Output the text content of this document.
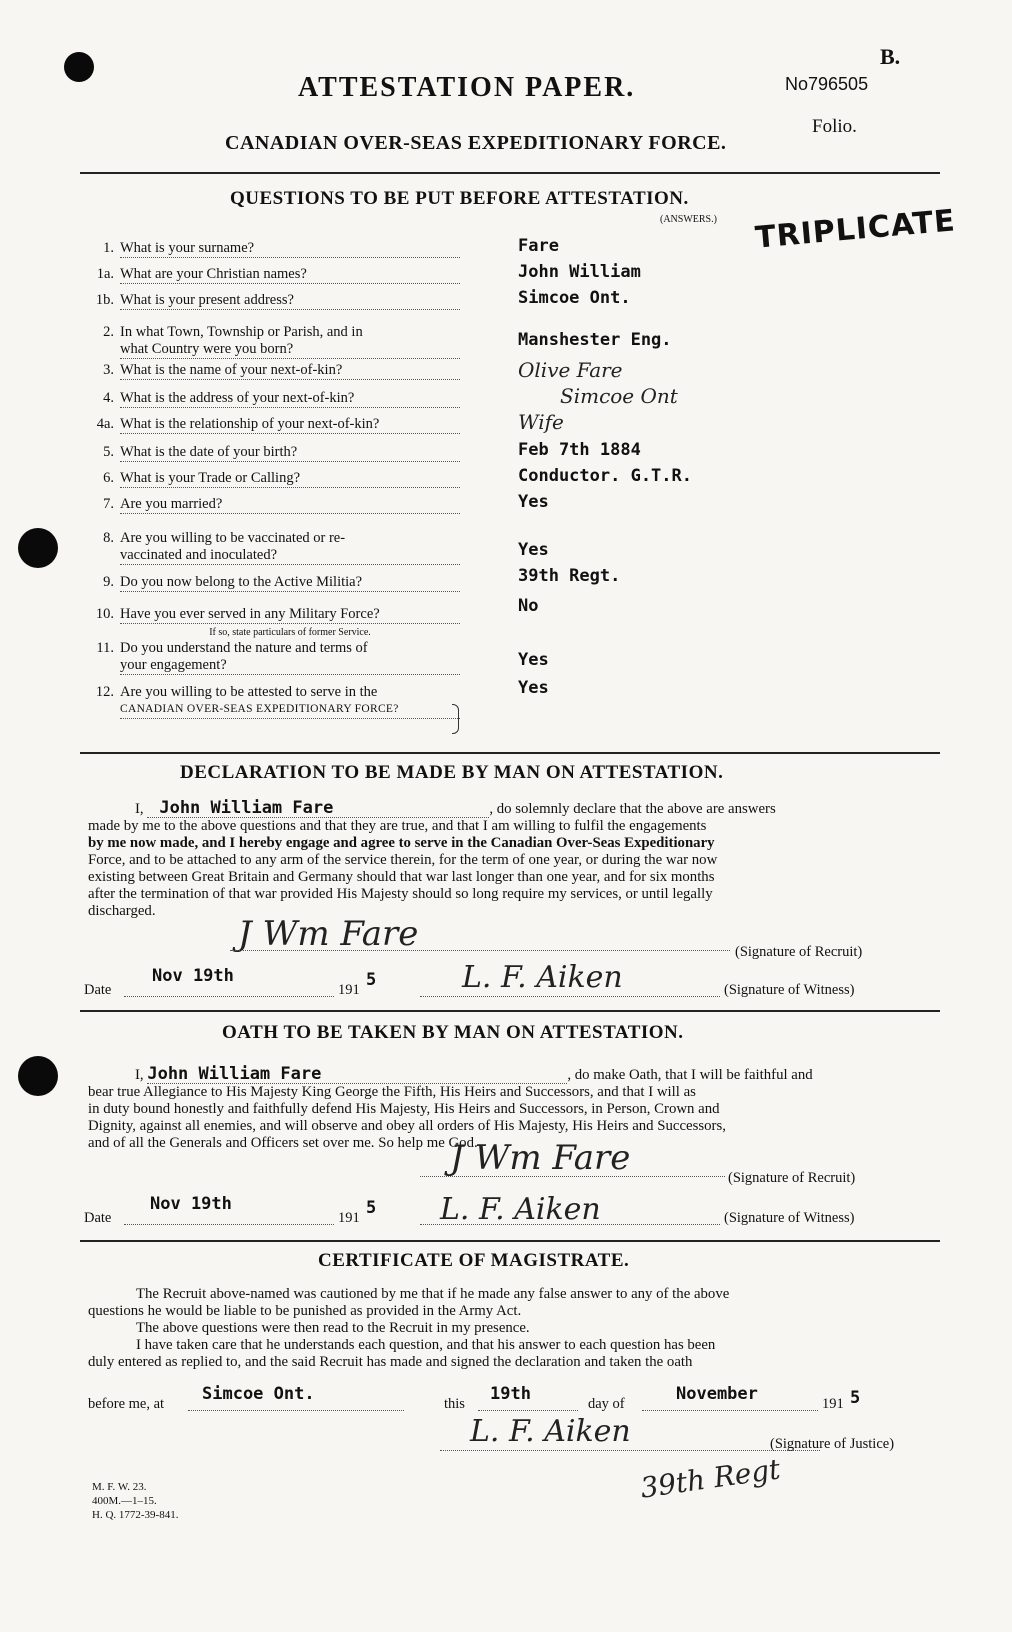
B.
ATTESTATION PAPER.	No796505
Folio.
CANADIAN OVER-SEAS EXPEDITIONARY FORCE.
QUESTIONS TO BE PUT BEFORE ATTESTATION.
(ANSWERS.) TRIPLICATE
1. What is your surname?	Fare
1a. What are your Christian names?	John William
1b. What is your present address?	Simcoe Ont.
2. In what Town, Township or Parish, and in
what Country were you born?	Manshester Eng.
3. What is the name of your next-of-kin?	Olive Fare
4. What is the address of your next-of-kin?	Simcoe Ont
4a. What is the relationship of your next-of-kin?	Wife
5. What is the date of your birth?	Feb 7th 1884
6. What is your Trade or Calling?	Conductor. G.T.R.
7. Are you married?	Yes
8. Are you willing to be vaccinated or re-
vaccinated and inoculated?	Yes
9. Do you now belong to the Active Militia?	39th Regt.
10. Have you ever served in any Military Force?
If so, state particulars of former Service.
No
11. Do you understand the nature and terms of
your engagement?	Yes
12. Are you willing to be attested to serve in the
CANADIAN OVER-SEAS EXPEDITIONARY FORCE?
Yes
DECLARATION TO BE MADE BY MAN ON ATTESTATION.
I, John William Fare	, do solemnly declare that the above are answers
made by me to the above questions and that they are true, and that I am willing to fulfil the engagements
by me now made, and I hereby engage and agree to serve in the Canadian Over-Seas Expeditionary
Force, and to be attached to any arm of the service therein, for the term of one year, or during the war now
existing between Great Britain and Germany should that war last longer than one year, and for six months
after the termination of that war provided His Majesty should so long require my services, or until legally
discharged.
J Wm Fare	(Signature of Recruit)
Date
Nov 19th
191 5	L. F. Aiken	(Signature of Witness)
OATH TO BE TAKEN BY MAN ON ATTESTATION.
I, John William Fare	, do make Oath, that I will be faithful and
bear true Allegiance to His Majesty King George the Fifth, His Heirs and Successors, and that I will as
in duty bound honestly and faithfully defend His Majesty, His Heirs and Successors, in Person, Crown and
Dignity, against all enemies, and will observe and obey all orders of His Majesty, His Heirs and Successors,
and of all the Generals and Officers set over me. So help me God.
J Wm Fare	(Signature of Recruit)
Date
Nov 19th
191 5 L. F. Aiken	(Signature of Witness)
CERTIFICATE OF MAGISTRATE.
The Recruit above-named was cautioned by me that if he made any false answer to any of the above
questions he would be liable to be punished as provided in the Army Act.
The above questions were then read to the Recruit in my presence.
I have taken care that he understands each question, and that his answer to each question has been
duly entered as replied to, and the said Recruit has made and signed the declaration and taken the oath
before me, at Simcoe Ont.	this 19th	day of	November	191 5
L. F. Aiken	(Signature of Justice)
39th Regt
M. F. W. 23.
400M.—1–15.
H. Q. 1772-39-841.
